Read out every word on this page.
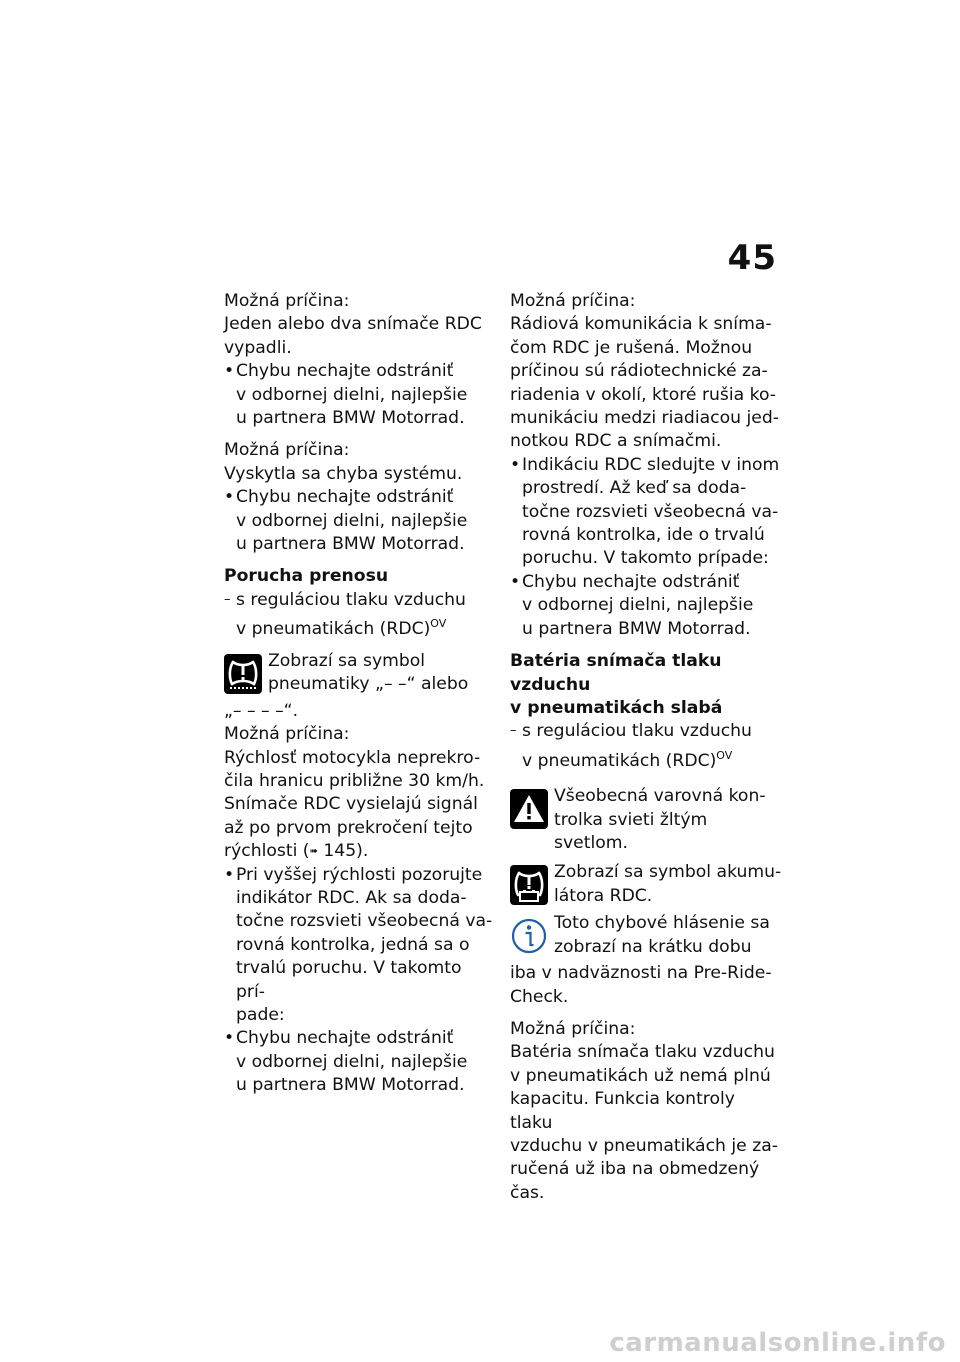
45

Možná príčina:

Jeden alebo dva snímače RDC

vypadli.

• Chybu nechajte odstrániť
v odbornej dielni, najlepšie
u partnera BMW Motorrad.

Možná príčina:

Vyskytla sa chyba systému.

• Chybu nechajte odstrániť
v odbornej dielni, najlepšie
u partnera BMW Motorrad.

Porucha prenosu

– s reguláciou tlaku vzduchu
v pneumatikách (RDC)$^{OV}$
Zobrazí sa symbol
pneumatiky „– –“ alebo
„– – – –“.

Možná príčina:

Rýchlosť motocykla neprekro-

čila hranicu približne 30 km/h.

Snímače RDC vysielajú signál

až po prvom prekročení tejto

rýchlosti (➠ 145).

• Pri vyššej rýchlosti pozorujte
indikátor RDC. Ak sa doda-
točne rozsvieti všeobecná va-
rovná kontrolka, jedná sa o
trvalú poruchu. V takomto prí-
pade:
• Chybu nechajte odstrániť
v odbornej dielni, najlepšie
u partnera BMW Motorrad.

Možná príčina:

Rádiová komunikácia k sníma-

čom RDC je rušená. Možnou

príčinou sú rádiotechnické za-

riadenia v okolí, ktoré rušia ko-

munikáciu medzi riadiacou jed-

notkou RDC a snímačmi.

• Indikáciu RDC sledujte v inom
prostredí. Až keď sa doda-
točne rozsvieti všeobecná va-
rovná kontrolka, ide o trvalú
poruchu. V takomto prípade:
• Chybu nechajte odstrániť
v odbornej dielni, najlepšie
u partnera BMW Motorrad.

Batéria snímača tlaku vzduchu

v pneumatikách slabá

– s reguláciou tlaku vzduchu
v pneumatikách (RDC)$^{OV}$
Všeobecná varovná kon-
trolka svieti žltým svetlom.
Zobrazí sa symbol akumu-
látora RDC.
Toto chybové hlásenie sa
zobrazí na krátku dobu
iba v nadväznosti na Pre-Ride-
Check.

Možná príčina:

Batéria snímača tlaku vzduchu

v pneumatikách už nemá plnú

kapacitu. Funkcia kontroly tlaku

vzduchu v pneumatikách je za-

ručená už iba na obmedzený

čas.

carmanualsonline.info
